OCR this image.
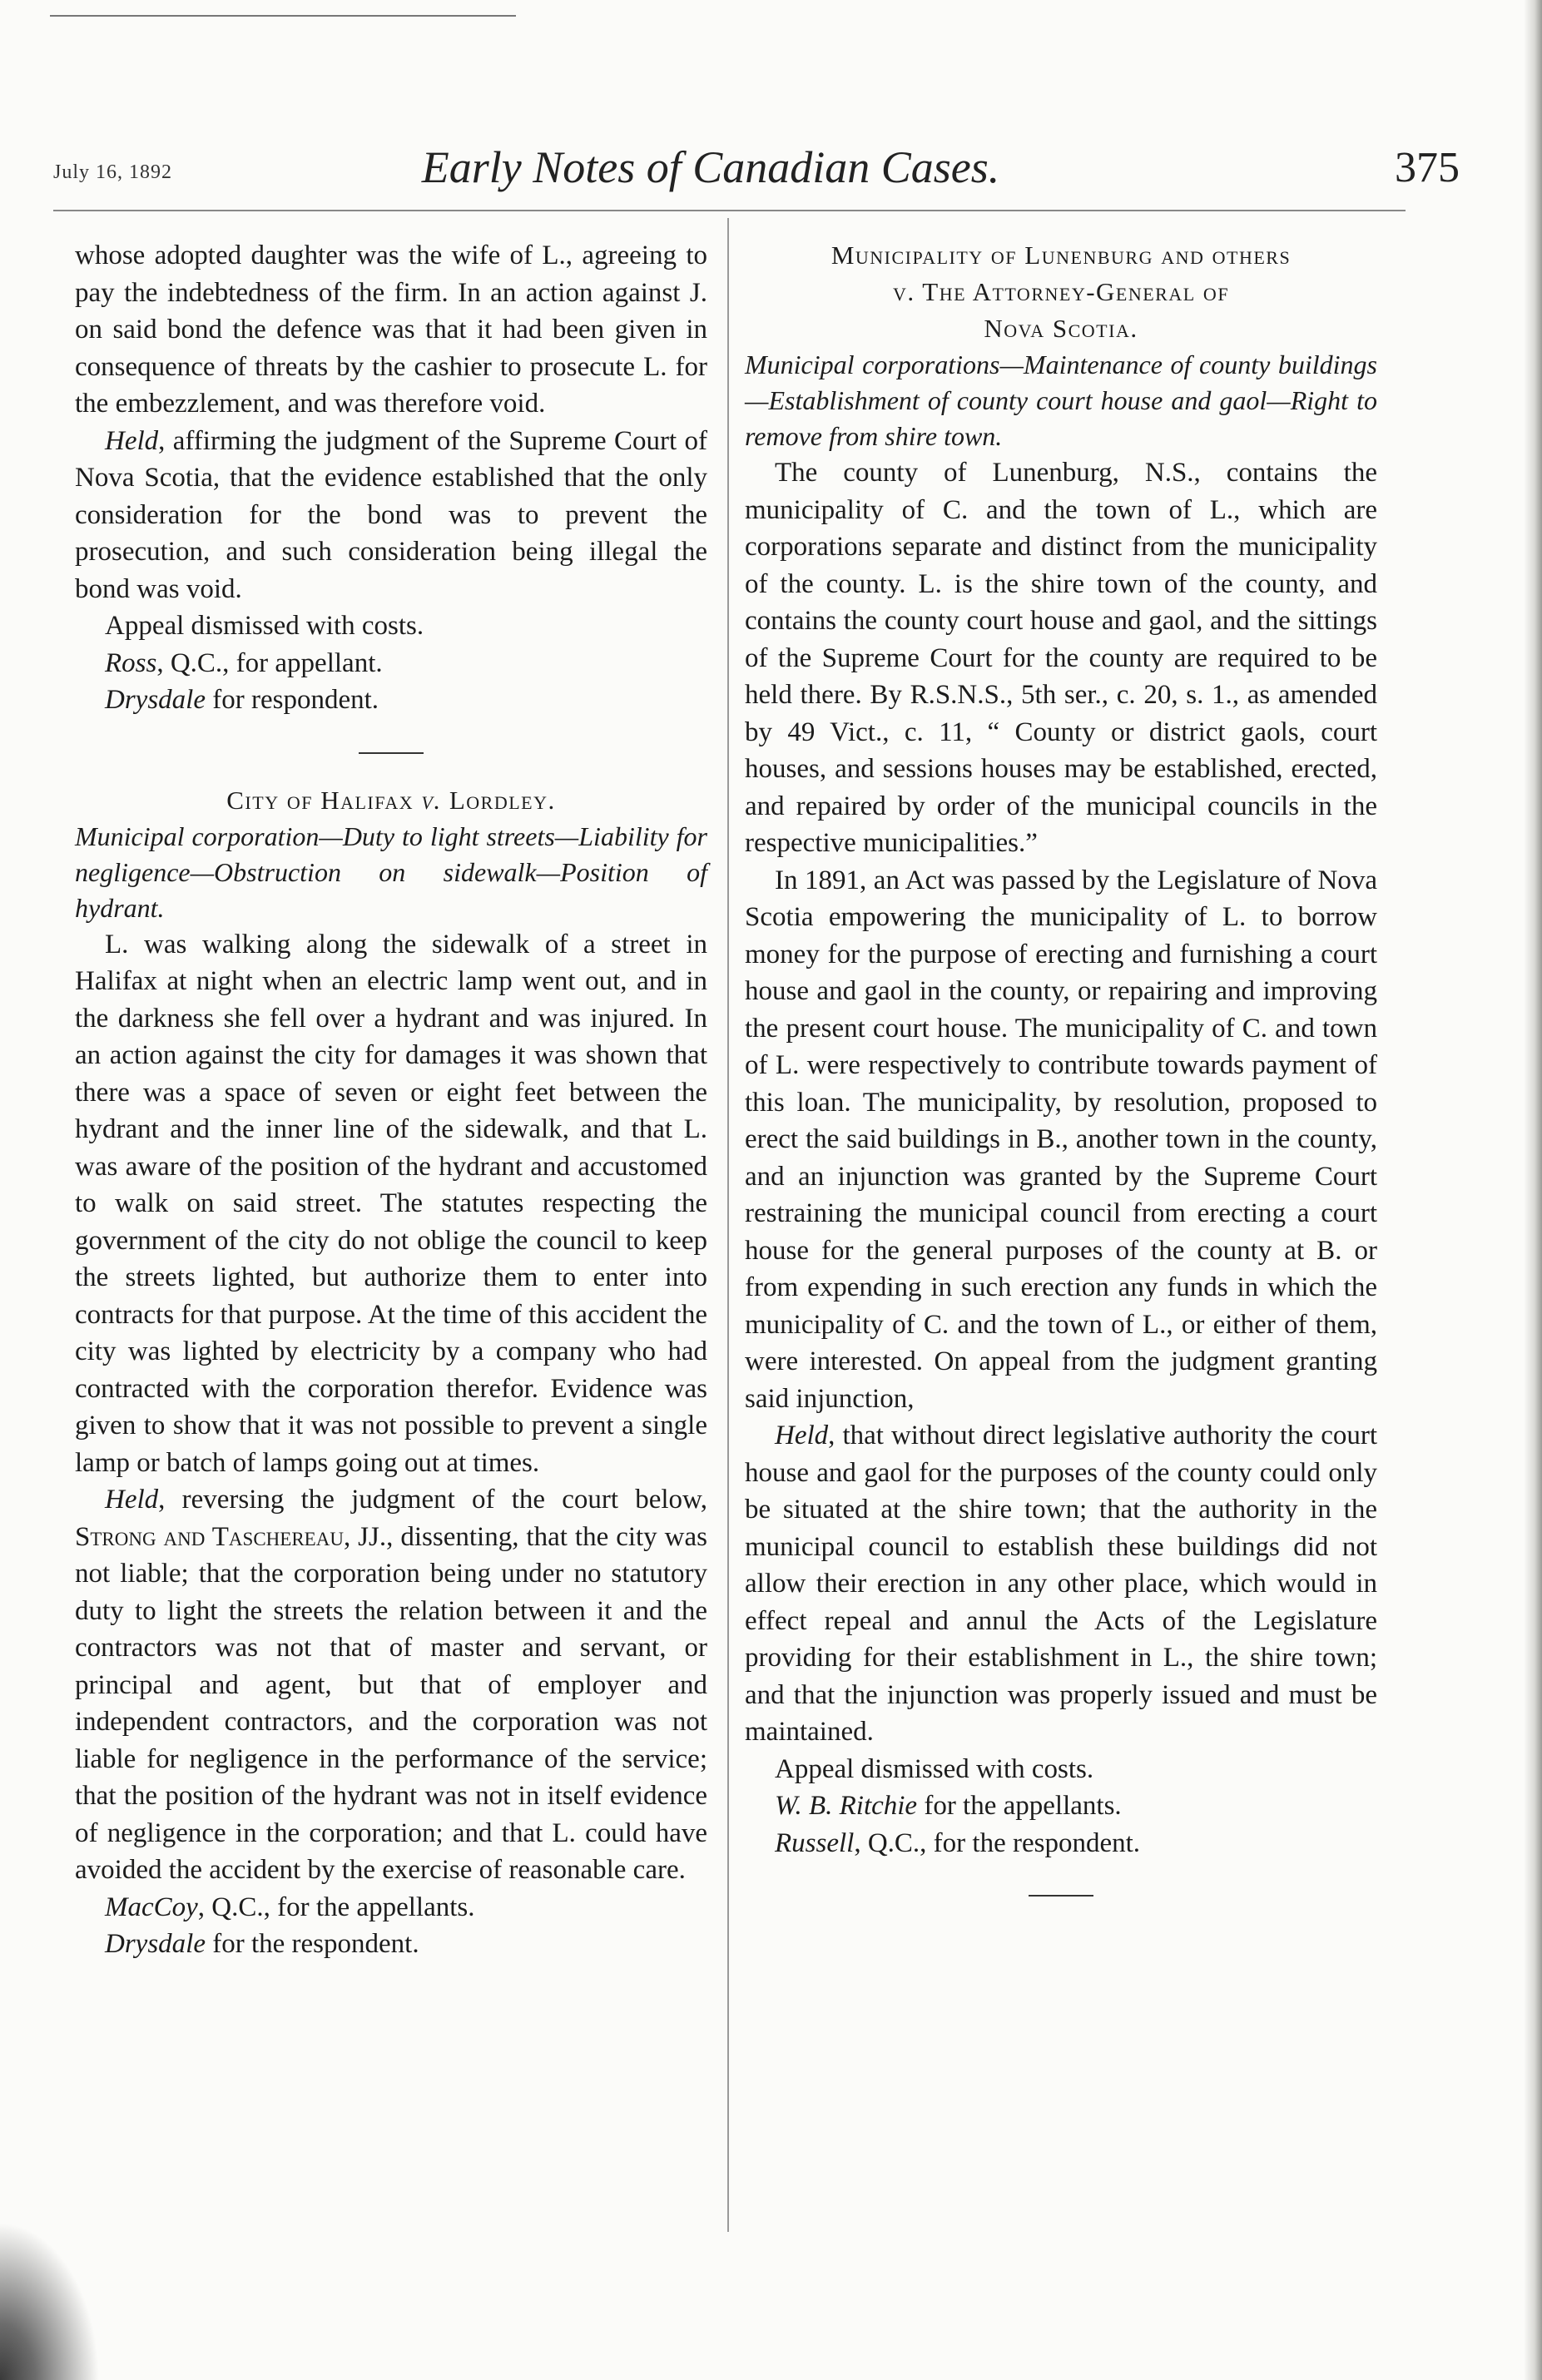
July 16, 1892	Early Notes of Canadian Cases.	375

whose adopted daughter was the wife of L., agreeing to pay the indebtedness of the firm. In an action against J. on said bond the defence was that it had been given in consequence of threats by the cashier to prosecute L. for the embezzlement, and was therefore void.

Held, affirming the judgment of the Supreme Court of Nova Scotia, that the evidence established that the only consideration for the bond was to prevent the prosecution, and such consideration being illegal the bond was void.

Appeal dismissed with costs.

Ross, Q.C., for appellant.

Drysdale for respondent.

City of Halifax v. Lordley.

Municipal corporation—Duty to light streets—Liability for negligence—Obstruction on sidewalk—Position of hydrant.

L. was walking along the sidewalk of a street in Halifax at night when an electric lamp went out, and in the darkness she fell over a hydrant and was injured. In an action against the city for damages it was shown that there was a space of seven or eight feet between the hydrant and the inner line of the sidewalk, and that L. was aware of the position of the hydrant and accustomed to walk on said street. The statutes respecting the government of the city do not oblige the council to keep the streets lighted, but authorize them to enter into contracts for that purpose. At the time of this accident the city was lighted by electricity by a company who had contracted with the corporation therefor. Evidence was given to show that it was not possible to prevent a single lamp or batch of lamps going out at times.

Held, reversing the judgment of the court below, Strong and Taschereau, JJ., dissenting, that the city was not liable; that the corporation being under no statutory duty to light the streets the relation between it and the contractors was not that of master and servant, or principal and agent, but that of employer and independent contractors, and the corporation was not liable for negligence in the performance of the service; that the position of the hydrant was not in itself evidence of negligence in the corporation; and that L. could have avoided the accident by the exercise of reasonable care.

MacCoy, Q.C., for the appellants.

Drysdale for the respondent.

Municipality of Lunenburg and others

v. The Attorney-General of

Nova Scotia.

Municipal corporations—Maintenance of county buildings—Establishment of county court house and gaol—Right to remove from shire town.

The county of Lunenburg, N.S., contains the municipality of C. and the town of L., which are corporations separate and distinct from the municipality of the county. L. is the shire town of the county, and contains the county court house and gaol, and the sittings of the Supreme Court for the county are required to be held there. By R.S.N.S., 5th ser., c. 20, s. 1., as amended by 49 Vict., c. 11, “ County or district gaols, court houses, and sessions houses may be established, erected, and repaired by order of the municipal councils in the respective municipalities.”

In 1891, an Act was passed by the Legislature of Nova Scotia empowering the municipality of L. to borrow money for the purpose of erecting and furnishing a court house and gaol in the county, or repairing and improving the present court house. The municipality of C. and town of L. were respectively to contribute towards payment of this loan. The municipality, by resolution, proposed to erect the said buildings in B., another town in the county, and an injunction was granted by the Supreme Court restraining the municipal council from erecting a court house for the general purposes of the county at B. or from expending in such erection any funds in which the municipality of C. and the town of L., or either of them, were interested. On appeal from the judgment granting said injunction,

Held, that without direct legislative authority the court house and gaol for the purposes of the county could only be situated at the shire town; that the authority in the municipal council to establish these buildings did not allow their erection in any other place, which would in effect repeal and annul the Acts of the Legislature providing for their establishment in L., the shire town; and that the injunction was properly issued and must be maintained.

Appeal dismissed with costs.

W. B. Ritchie for the appellants.

Russell, Q.C., for the respondent.
